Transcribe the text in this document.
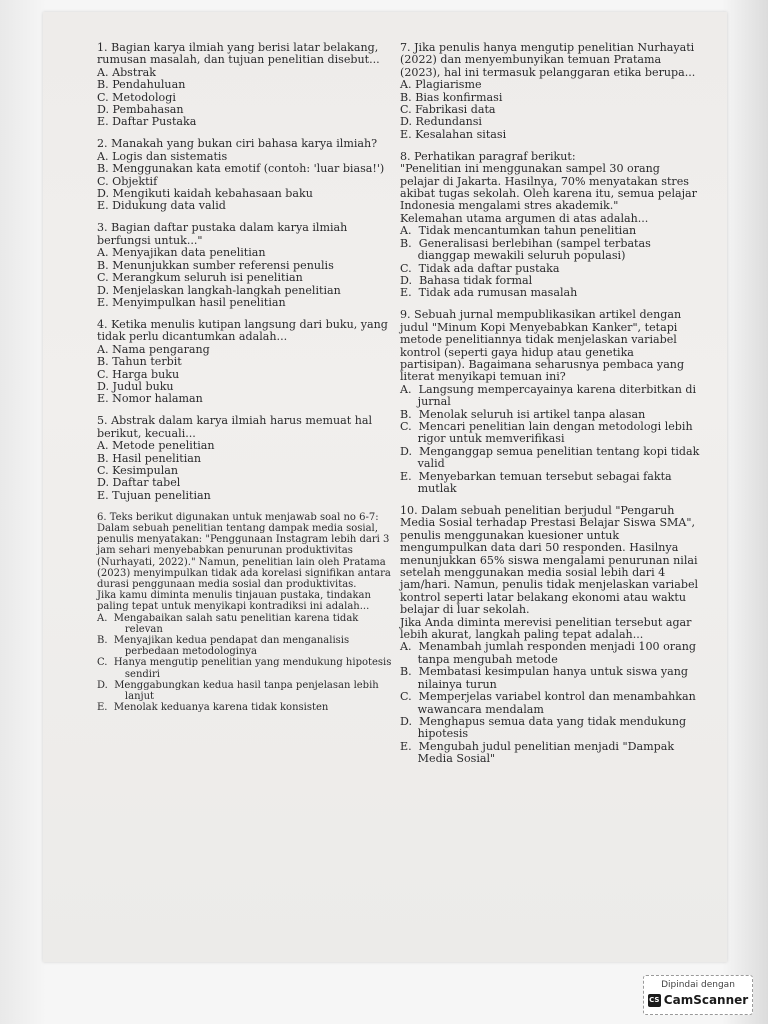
1. Bagian karya ilmiah yang berisi latar belakang,
rumusan masalah, dan tujuan penelitian disebut...
A. Abstrak
B. Pendahuluan
C. Metodologi
D. Pembahasan
E. Daftar Pustaka
2. Manakah yang bukan ciri bahasa karya ilmiah?
A. Logis dan sistematis
B. Menggunakan kata emotif (contoh: 'luar biasa!')
C. Objektif
D. Mengikuti kaidah kebahasaan baku
E. Didukung data valid
3. Bagian daftar pustaka dalam karya ilmiah
berfungsi untuk..."
A. Menyajikan data penelitian
B. Menunjukkan sumber referensi penulis
C. Merangkum seluruh isi penelitian
D. Menjelaskan langkah-langkah penelitian
E. Menyimpulkan hasil penelitian
4. Ketika menulis kutipan langsung dari buku, yang
tidak perlu dicantumkan adalah...
A. Nama pengarang
B. Tahun terbit
C. Harga buku
D. Judul buku
E. Nomor halaman
5. Abstrak dalam karya ilmiah harus memuat hal
berikut, kecuali...
A. Metode penelitian
B. Hasil penelitian
C. Kesimpulan
D. Daftar tabel
E. Tujuan penelitian
6. Teks berikut digunakan untuk menjawab soal no 6-7:
Dalam sebuah penelitian tentang dampak media sosial,
penulis menyatakan: "Penggunaan Instagram lebih dari 3
jam sehari menyebabkan penurunan produktivitas
(Nurhayati, 2022)." Namun, penelitian lain oleh Pratama
(2023) menyimpulkan tidak ada korelasi signifikan antara
durasi penggunaan media sosial dan produktivitas.
Jika kamu diminta menulis tinjauan pustaka, tindakan
paling tepat untuk menyikapi kontradiksi ini adalah...
A.  Mengabaikan salah satu penelitian karena tidak
relevan
B.  Menyajikan kedua pendapat dan menganalisis
perbedaan metodologinya
C.  Hanya mengutip penelitian yang mendukung hipotesis
sendiri
D.  Menggabungkan kedua hasil tanpa penjelasan lebih
lanjut
E.  Menolak keduanya karena tidak konsisten
7. Jika penulis hanya mengutip penelitian Nurhayati
(2022) dan menyembunyikan temuan Pratama
(2023), hal ini termasuk pelanggaran etika berupa...
A. Plagiarisme
B. Bias konfirmasi
C. Fabrikasi data
D. Redundansi
E. Kesalahan sitasi
8. Perhatikan paragraf berikut:
"Penelitian ini menggunakan sampel 30 orang
pelajar di Jakarta. Hasilnya, 70% menyatakan stres
akibat tugas sekolah. Oleh karena itu, semua pelajar
Indonesia mengalami stres akademik."
Kelemahan utama argumen di atas adalah...
A.  Tidak mencantumkan tahun penelitian
B.  Generalisasi berlebihan (sampel terbatas
dianggap mewakili seluruh populasi)
C.  Tidak ada daftar pustaka
D.  Bahasa tidak formal
E.  Tidak ada rumusan masalah
9. Sebuah jurnal mempublikasikan artikel dengan
judul "Minum Kopi Menyebabkan Kanker", tetapi
metode penelitiannya tidak menjelaskan variabel
kontrol (seperti gaya hidup atau genetika
partisipan). Bagaimana seharusnya pembaca yang
literat menyikapi temuan ini?
A.  Langsung mempercayainya karena diterbitkan di
jurnal
B.  Menolak seluruh isi artikel tanpa alasan
C.  Mencari penelitian lain dengan metodologi lebih
rigor untuk memverifikasi
D.  Menganggap semua penelitian tentang kopi tidak
valid
E.  Menyebarkan temuan tersebut sebagai fakta
mutlak
10. Dalam sebuah penelitian berjudul "Pengaruh
Media Sosial terhadap Prestasi Belajar Siswa SMA",
penulis menggunakan kuesioner untuk
mengumpulkan data dari 50 responden. Hasilnya
menunjukkan 65% siswa mengalami penurunan nilai
setelah menggunakan media sosial lebih dari 4
jam/hari. Namun, penulis tidak menjelaskan variabel
kontrol seperti latar belakang ekonomi atau waktu
belajar di luar sekolah.
Jika Anda diminta merevisi penelitian tersebut agar
lebih akurat, langkah paling tepat adalah...
A.  Menambah jumlah responden menjadi 100 orang
tanpa mengubah metode
B.  Membatasi kesimpulan hanya untuk siswa yang
nilainya turun
C.  Memperjelas variabel kontrol dan menambahkan
wawancara mendalam
D.  Menghapus semua data yang tidak mendukung
hipotesis
E.  Mengubah judul penelitian menjadi "Dampak
Media Sosial"
Dipindai dengan
CS CamScanner
